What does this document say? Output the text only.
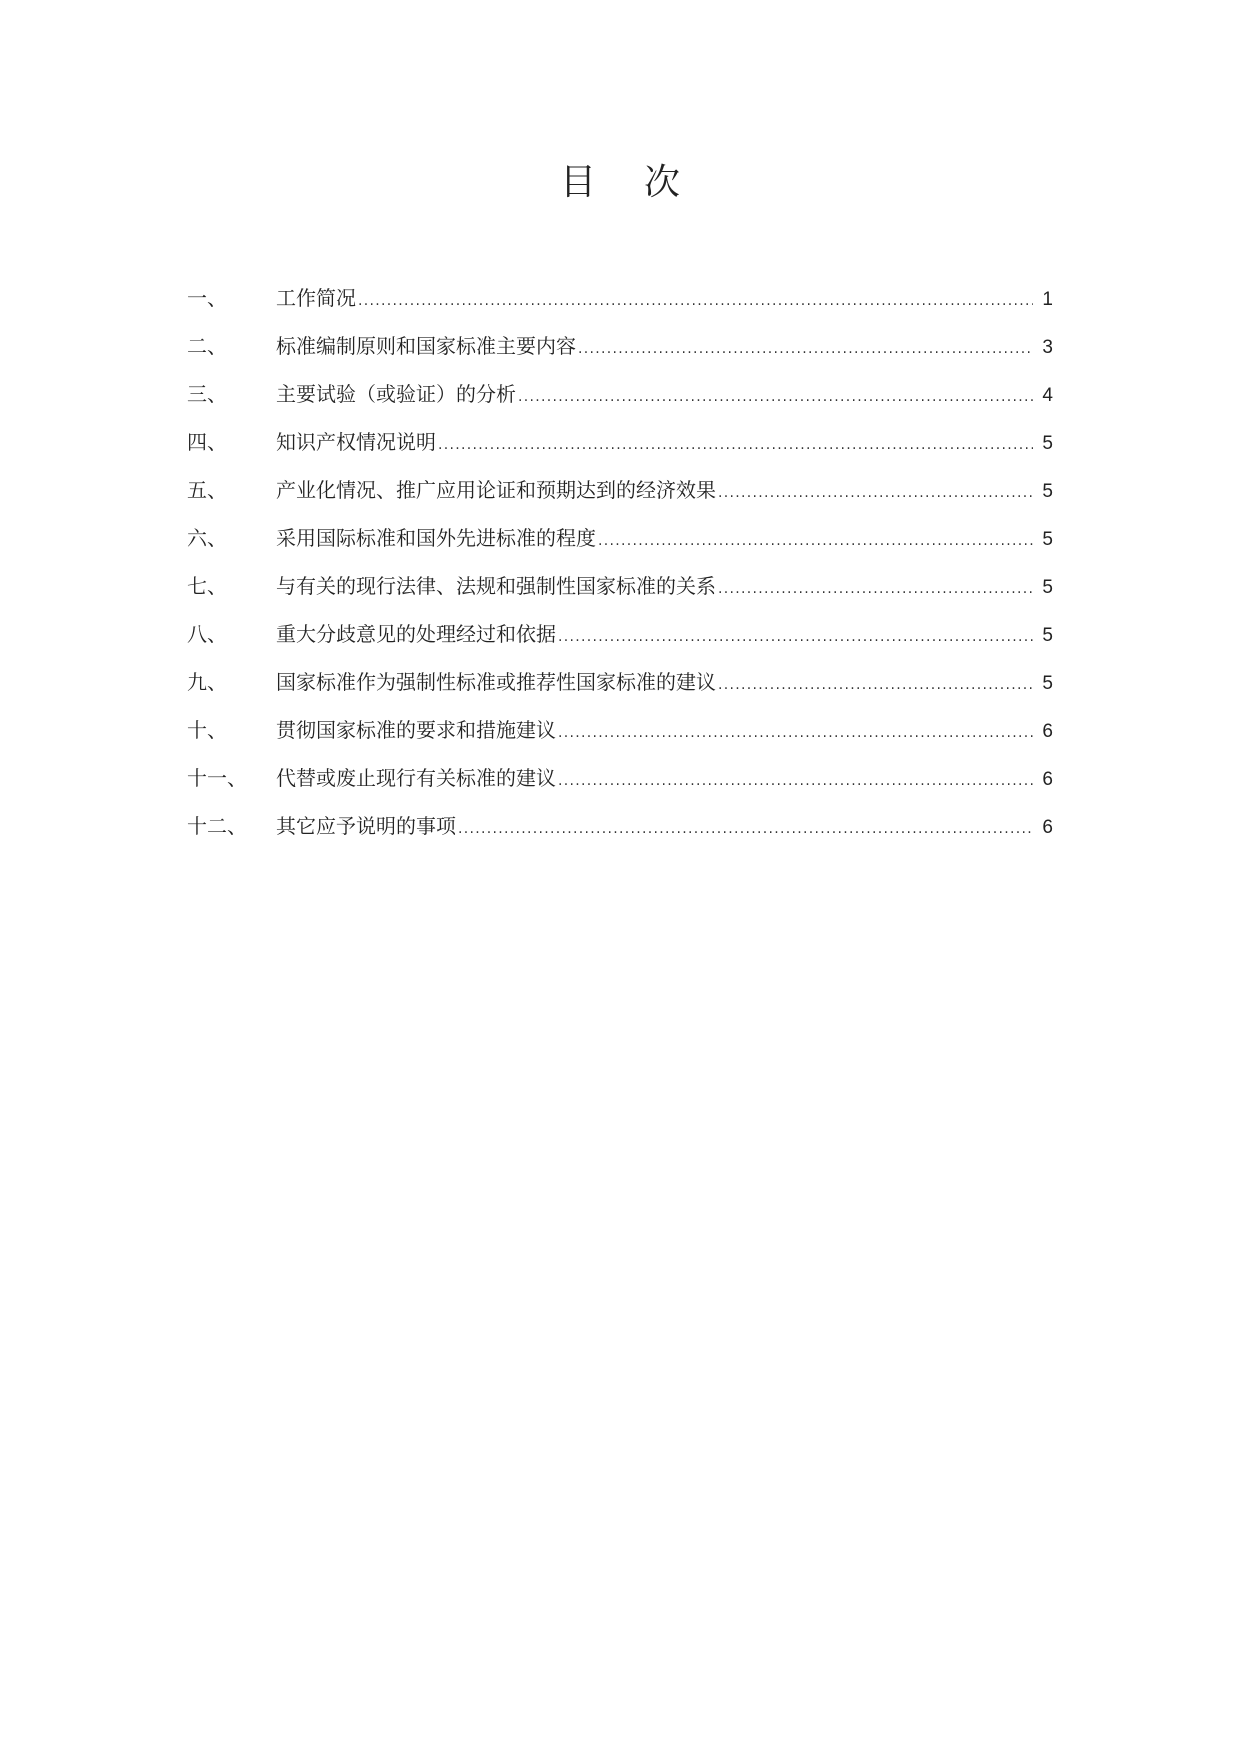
目 次
一、	工作简况 .....	1
二、	标准编制原则和国家标准主要内容 .....	3
三、	主要试验（或验证）的分析 .....	4
四、	知识产权情况说明 .....	5
五、	产业化情况、推广应用论证和预期达到的经济效果 .....	5
六、	采用国际标准和国外先进标准的程度 .....	5
七、	与有关的现行法律、法规和强制性国家标准的关系 .....	5
八、	重大分歧意见的处理经过和依据 .....	5
九、	国家标准作为强制性标准或推荐性国家标准的建议 .....	5
十、	贯彻国家标准的要求和措施建议 .....	6
十一、	代替或废止现行有关标准的建议 .....	6
十二、	其它应予说明的事项 .....	6
